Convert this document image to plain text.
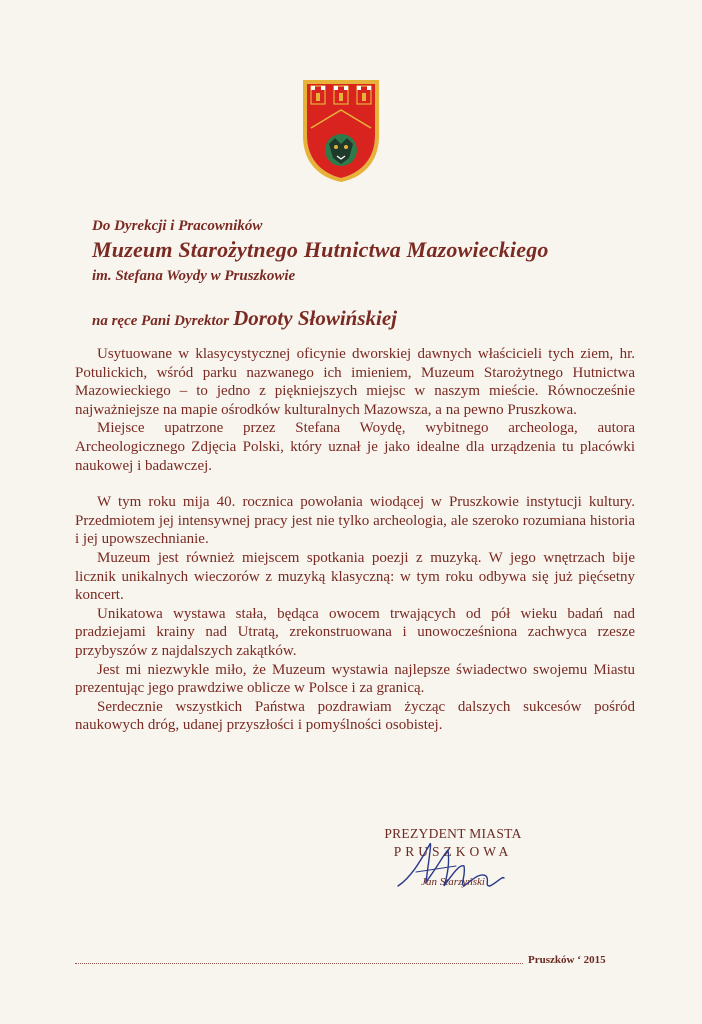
Do Dyrekcji i Pracowników

Muzeum Starożytnego Hutnictwa Mazowieckiego

im. Stefana Woydy w Pruszkowie

na ręce Pani Dyrektor Doroty Słowińskiej

Usytuowane w klasycystycznej oficynie dworskiej dawnych właścicieli tych ziem, hr. Potulickich, wśród parku nazwanego ich imieniem, Muzeum Starożytnego Hutnictwa Mazowieckiego – to jedno z piękniejszych miejsc w naszym mieście. Równocześnie najważniejsze na mapie ośrodków kulturalnych Mazowsza, a na pewno Pruszkowa.

Miejsce upatrzone przez Stefana Woydę, wybitnego archeologa, autora Archeologicznego Zdjęcia Polski, który uznał je jako idealne dla urządzenia tu placówki naukowej i badawczej.

W tym roku mija 40. rocznica powołania wiodącej w Pruszkowie instytucji kultury. Przedmiotem jej intensywnej pracy jest nie tylko archeologia, ale szeroko rozumiana historia i jej upowszechnianie.

Muzeum jest również miejscem spotkania poezji z muzyką. W jego wnętrzach bije licznik unikalnych wieczorów z muzyką klasyczną: w tym roku odbywa się już pięćsetny koncert.

Unikatowa wystawa stała, będąca owocem trwających od pół wieku badań nad pradziejami krainy nad Utratą, zrekonstruowana i unowocześniona zachwyca rzesze przybyszów z najdalszych zakątków.

Jest mi niezwykle miło, że Muzeum wystawia najlepsze świadectwo swojemu Miastu prezentując jego prawdziwe oblicze w Polsce i za granicą.

Serdecznie wszystkich Państwa pozdrawiam życząc dalszych sukcesów pośród naukowych dróg, udanej przyszłości i pomyślności osobistej.

PREZYDENT MIASTA

PRUSZKOWA

Jan Starzyński

Pruszków ‘ 2015
